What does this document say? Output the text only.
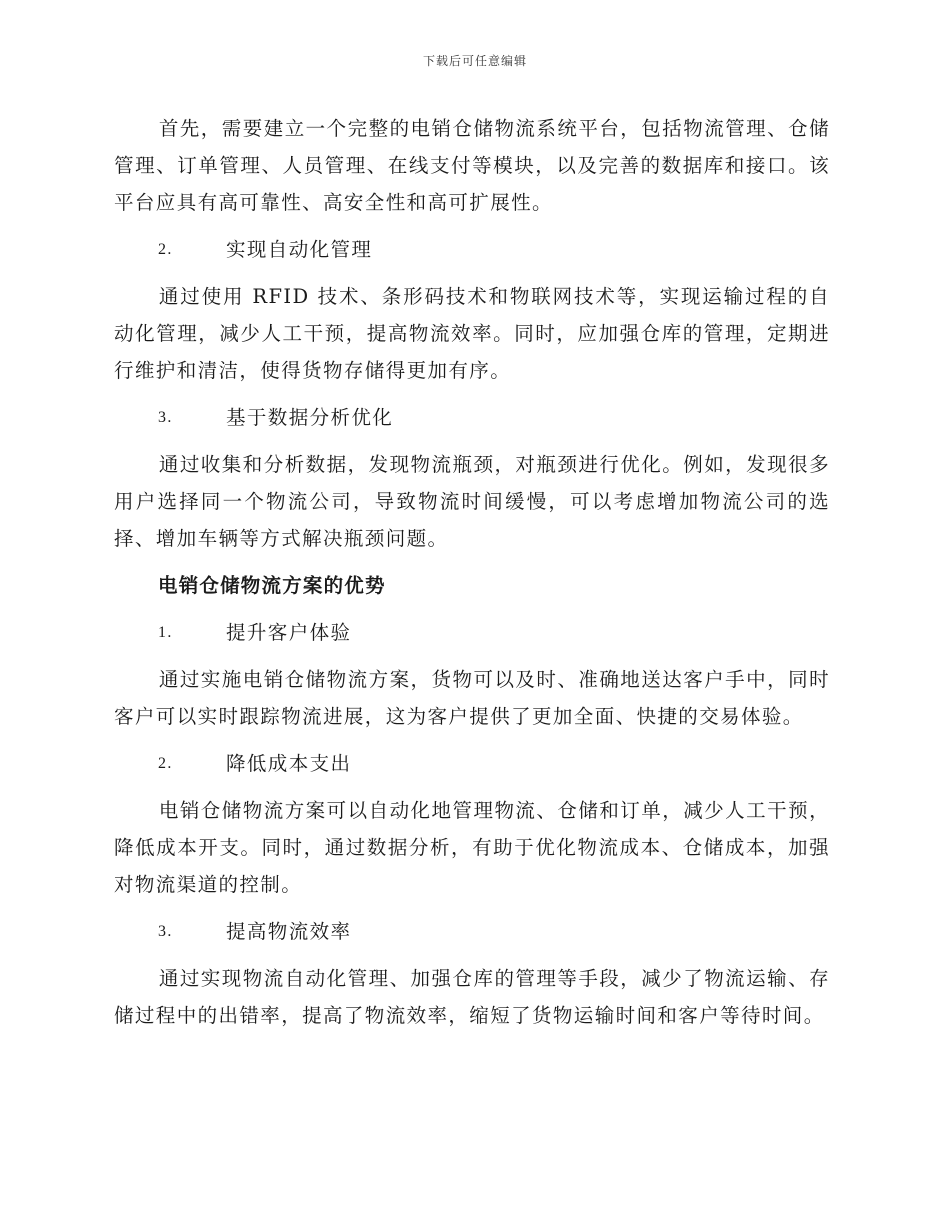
下载后可任意编辑

首先，需要建立一个完整的电销仓储物流系统平台，包括物流管理、仓储管理、订单管理、人员管理、在线支付等模块，以及完善的数据库和接口。该平台应具有高可靠性、高安全性和高可扩展性。

2.	实现自动化管理

通过使用 RFID 技术、条形码技术和物联网技术等，实现运输过程的自动化管理，减少人工干预，提高物流效率。同时，应加强仓库的管理，定期进行维护和清洁，使得货物存储得更加有序。

3.	基于数据分析优化

通过收集和分析数据，发现物流瓶颈，对瓶颈进行优化。例如，发现很多用户选择同一个物流公司，导致物流时间缓慢，可以考虑增加物流公司的选择、增加车辆等方式解决瓶颈问题。

电销仓储物流方案的优势
1.	提升客户体验

通过实施电销仓储物流方案，货物可以及时、准确地送达客户手中，同时客户可以实时跟踪物流进展，这为客户提供了更加全面、快捷的交易体验。

2.	降低成本支出

电销仓储物流方案可以自动化地管理物流、仓储和订单，减少人工干预，降低成本开支。同时，通过数据分析，有助于优化物流成本、仓储成本，加强对物流渠道的控制。

3.	提高物流效率

通过实现物流自动化管理、加强仓库的管理等手段，减少了物流运输、存储过程中的出错率，提高了物流效率，缩短了货物运输时间和客户等待时间。
